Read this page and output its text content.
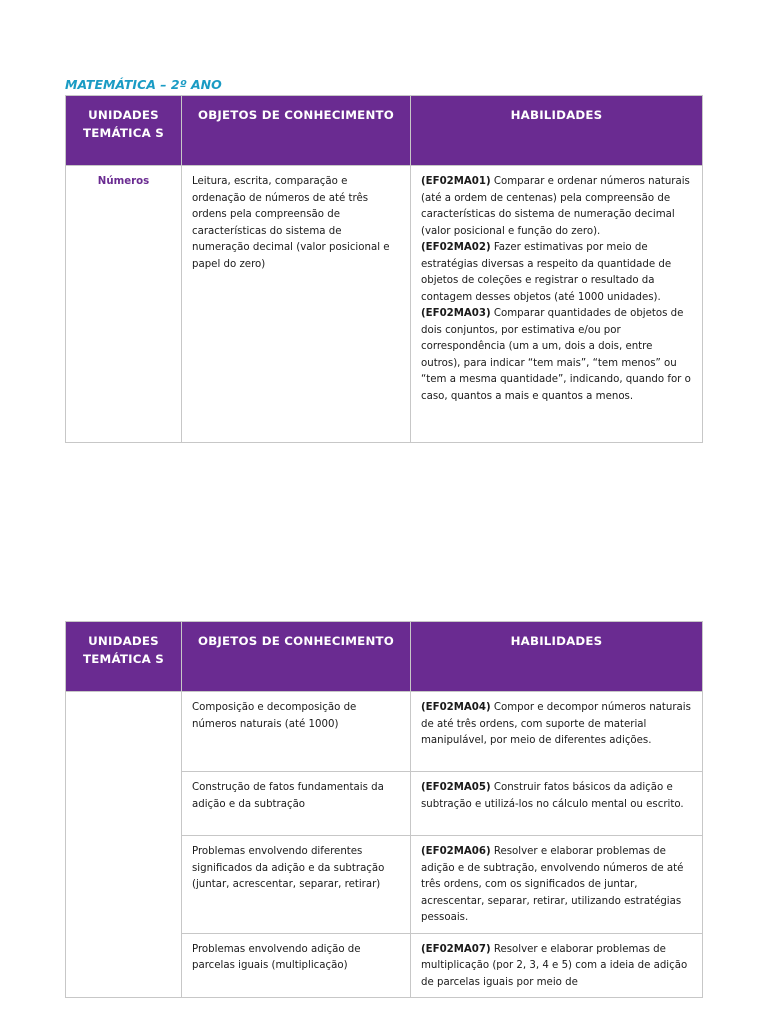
MATEMÁTICA – 2º ANO
UNIDADES TEMÁTICA S	OBJETOS DE CONHECIMENTO	HABILIDADES
Números	Leitura, escrita, comparação e ordenação de números de até três ordens pela compreensão de características do sistema de numeração decimal (valor posicional e papel do zero)	(EF02MA01) Comparar e ordenar números naturais (até a ordem de centenas) pela compreensão de características do sistema de numeração decimal (valor posicional e função do zero).
(EF02MA02) Fazer estimativas por meio de estratégias diversas a respeito da quantidade de objetos de coleções e registrar o resultado da contagem desses objetos (até 1000 unidades).
(EF02MA03) Comparar quantidades de objetos de dois conjuntos, por estimativa e/ou por correspondência (um a um, dois a dois, entre outros), para indicar “tem mais”, “tem menos” ou “tem a mesma quantidade”, indicando, quando for o caso, quantos a mais e quantos a menos.
UNIDADES TEMÁTICA S	OBJETOS DE CONHECIMENTO	HABILIDADES
	Composição e decomposição de números naturais (até 1000)	(EF02MA04) Compor e decompor números naturais de até três ordens, com suporte de material manipulável, por meio de diferentes adições.
	Construção de fatos fundamentais da adição e da subtração	(EF02MA05) Construir fatos básicos da adição e subtração e utilizá-los no cálculo mental ou escrito.
	Problemas envolvendo diferentes significados da adição e da subtração (juntar, acrescentar, separar, retirar)	(EF02MA06) Resolver e elaborar problemas de adição e de subtração, envolvendo números de até três ordens, com os significados de juntar, acrescentar, separar, retirar, utilizando estratégias pessoais.
	Problemas envolvendo adição de parcelas iguais (multiplicação)	(EF02MA07) Resolver e elaborar problemas de multiplicação (por 2, 3, 4 e 5) com a ideia de adição de parcelas iguais por meio de
